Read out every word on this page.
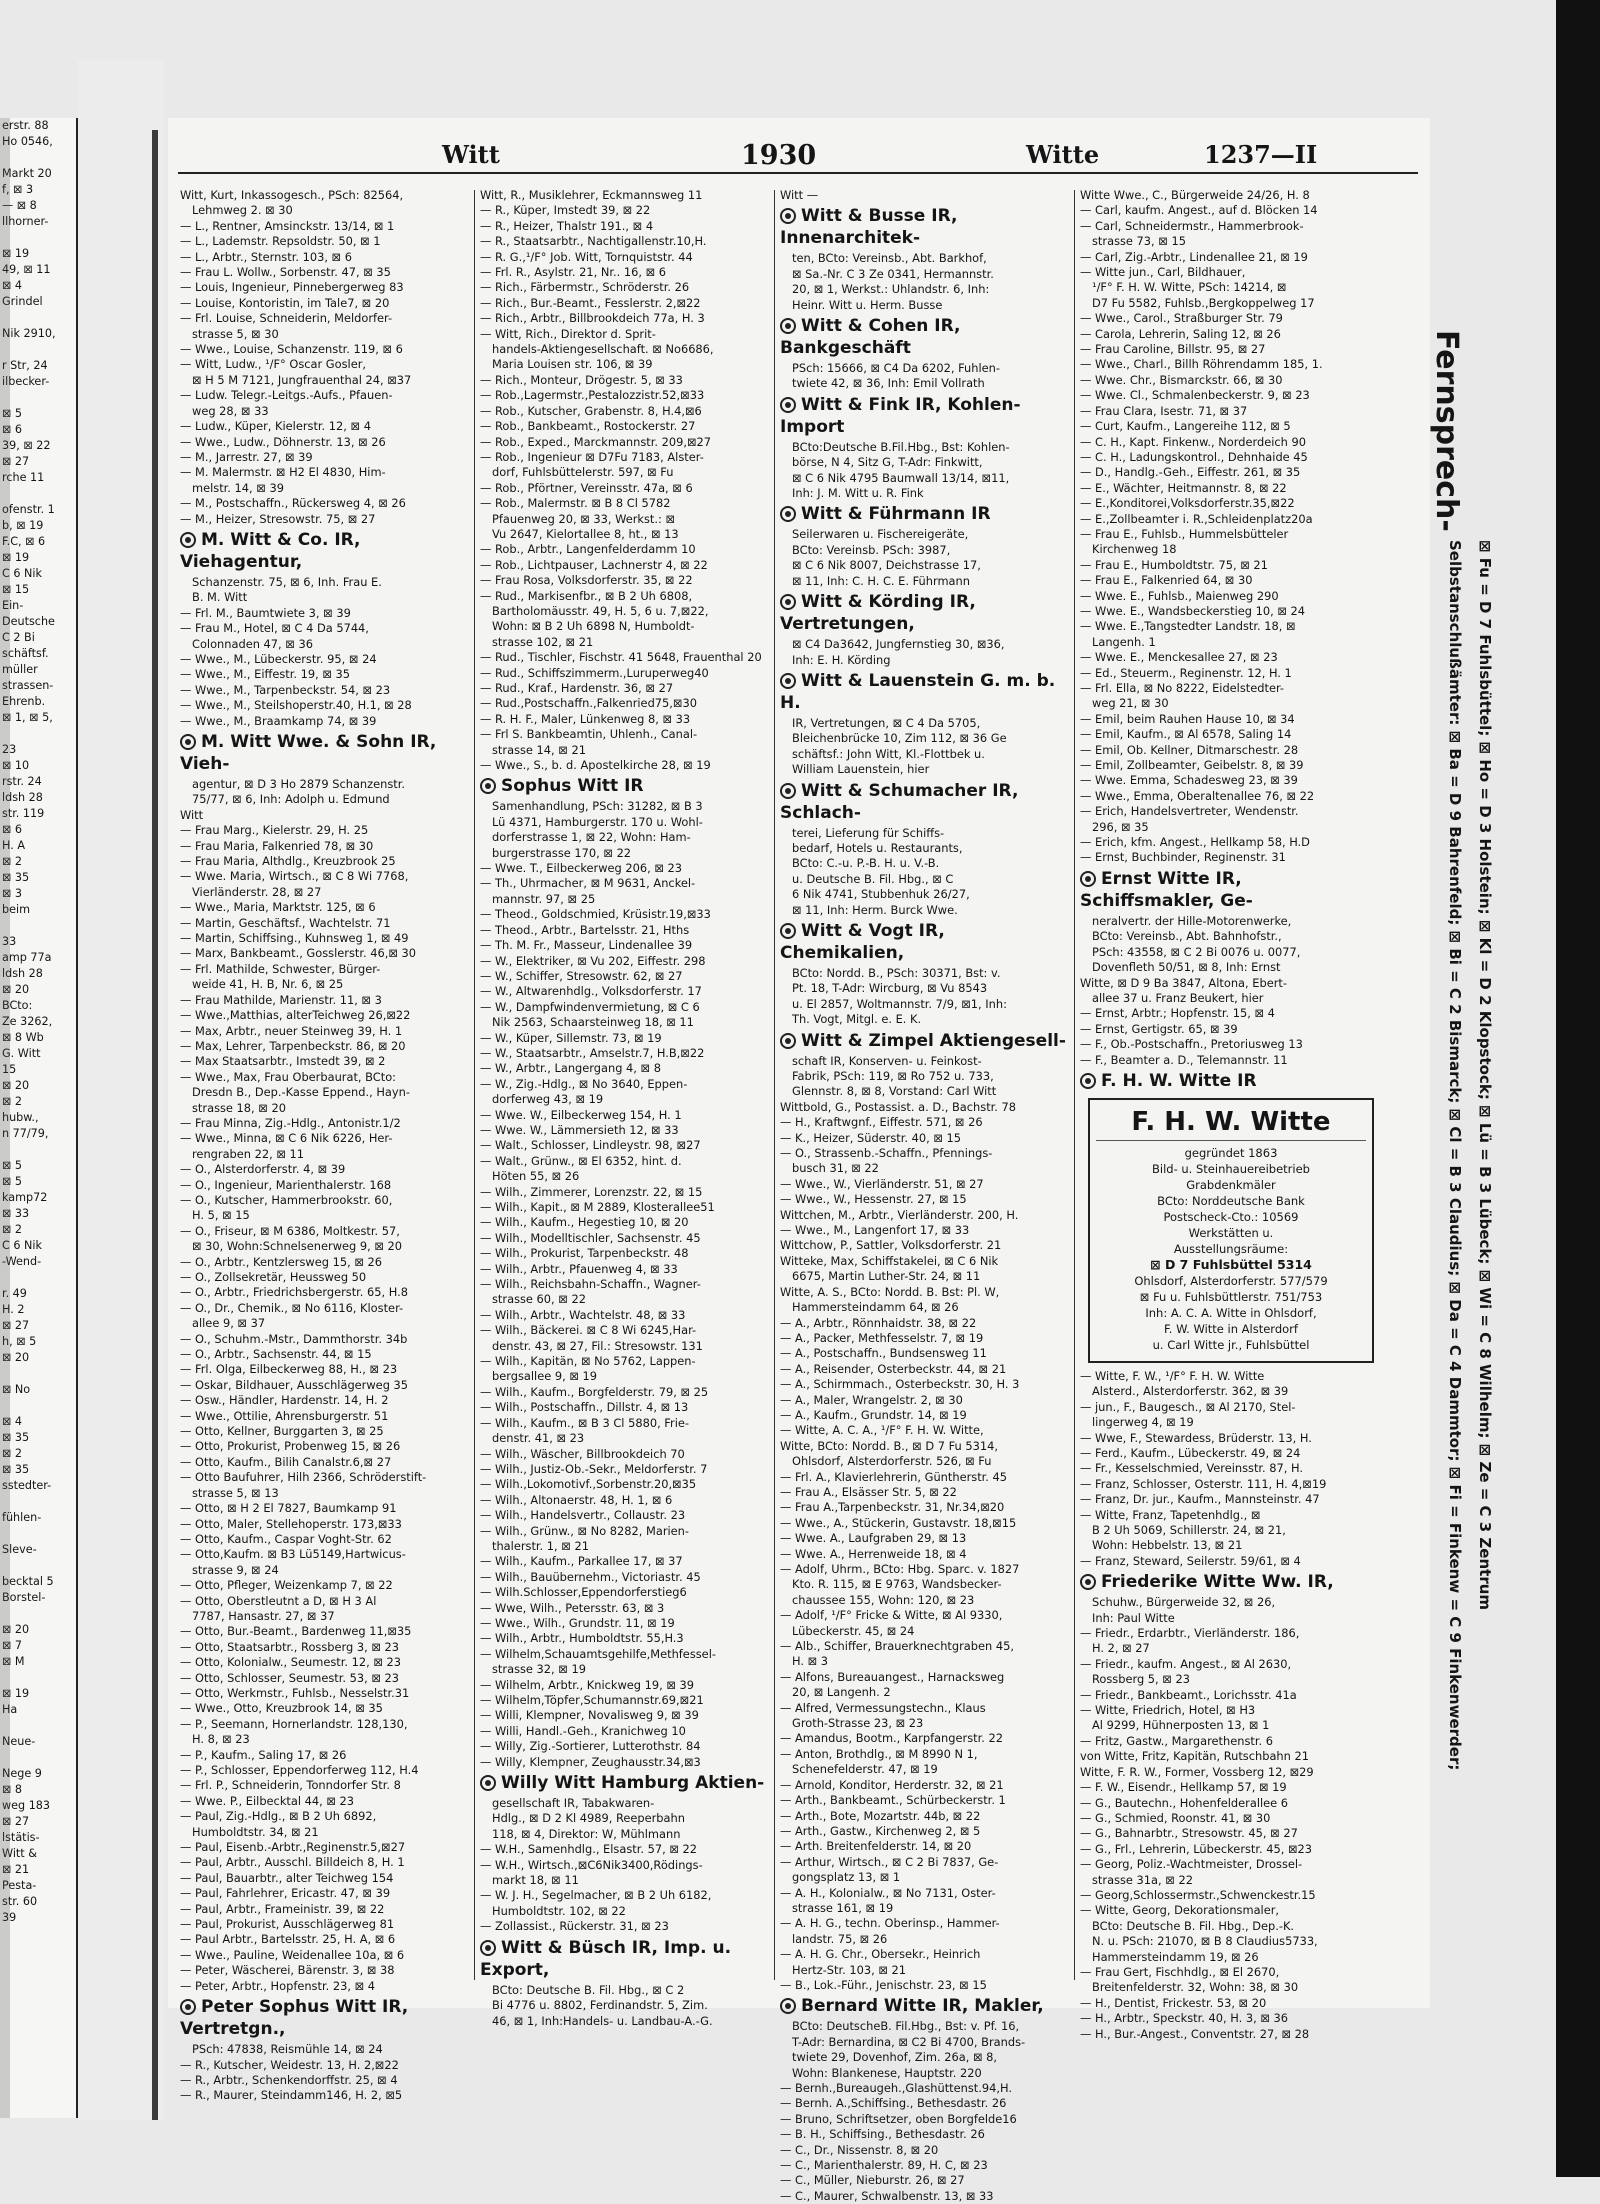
erstr. 88
Ho 0546,

Markt 20
f, ⊠ 3
— ⊠ 8
llhorner-

⊠ 19
49, ⊠ 11
⊠ 4
Grindel

Nik 2910,

r Str, 24
ilbecker-

⊠ 5
⊠ 6
39, ⊠ 22
⊠ 27
rche 11

ofenstr. 1
b, ⊠ 19
F.C, ⊠ 6
⊠ 19
C 6 Nik
⊠ 15
Ein-
Deutsche
C 2 Bi
schäftsf.
müller
strassen-
Ehrenb.
⊠ 1, ⊠ 5,

23
⊠ 10
rstr. 24
ldsh 28
str. 119
⊠ 6
H. A
⊠ 2
⊠ 35
⊠ 3
beim

33
amp 77a
ldsh 28
⊠ 20
BCto:
Ze 3262,
⊠ 8 Wb
G. Witt
15
⊠ 20
⊠ 2
hubw.,
n 77/79,

⊠ 5
⊠ 5
kamp72
⊠ 33
⊠ 2
C 6 Nik
-Wend-

r. 49
H. 2
⊠ 27
h, ⊠ 5
⊠ 20

⊠ No

⊠ 4
⊠ 35
⊠ 2
⊠ 35
sstedter-

fühlen-

Sleve-

becktal 5
Borstel-

⊠ 20
⊠ 7
⊠ M

⊠ 19
Ha

Neue-

Nege 9
⊠ 8
weg 183
⊠ 27
lstätis-
Witt &
⊠ 21
Pesta-
str. 60
39
Witt	1930	Witte	1237—II
Witt, Kurt, Inkassogesch., PSch: 82564,
Lehmweg 2. ⊠ 30
— L., Rentner, Amsinckstr. 13/14, ⊠ 1
— L., Lademstr. Repsoldstr. 50, ⊠ 1
— L., Arbtr., Sternstr. 103, ⊠ 6
— Frau L. Wollw., Sorbenstr. 47, ⊠ 35
— Louis, Ingenieur, Pinnebergerweg 83
— Louise, Kontoristin, im Tale7, ⊠ 20
— Frl. Louise, Schneiderin, Meldorfer-
strasse 5, ⊠ 30
— Wwe., Louise, Schanzenstr. 119, ⊠ 6
— Witt, Ludw., ¹/F° Oscar Gosler,
⊠ H 5 M 7121, Jungfrauenthal 24, ⊠37
— Ludw. Telegr.-Leitgs.-Aufs., Pfauen-
weg 28, ⊠ 33
— Ludw., Küper, Kielerstr. 12, ⊠ 4
— Wwe., Ludw., Döhnerstr. 13, ⊠ 26
— M., Jarrestr. 27, ⊠ 39
— M. Malermstr. ⊠ H2 El 4830, Him-
melstr. 14, ⊠ 39
— M., Postschaffn., Rückersweg 4, ⊠ 26
— M., Heizer, Stresowstr. 75, ⊠ 27
M. Witt & Co. IR, Viehagentur,
Schanzenstr. 75, ⊠ 6, Inh. Frau E.
B. M. Witt
— Frl. M., Baumtwiete 3, ⊠ 39
— Frau M., Hotel, ⊠ C 4 Da 5744,
Colonnaden 47, ⊠ 36
— Wwe., M., Lübeckerstr. 95, ⊠ 24
— Wwe., M., Eiffestr. 19, ⊠ 35
— Wwe., M., Tarpenbeckstr. 54, ⊠ 23
— Wwe., M., Steilshoperstr.40, H.1, ⊠ 28
— Wwe., M., Braamkamp 74, ⊠ 39
M. Witt Wwe. & Sohn IR, Vieh-
agentur, ⊠ D 3 Ho 2879 Schanzenstr.
75/77, ⊠ 6, Inh: Adolph u. Edmund
Witt
— Frau Marg., Kielerstr. 29, H. 25
— Frau Maria, Falkenried 78, ⊠ 30
— Frau Maria, Althdlg., Kreuzbrook 25
— Wwe. Maria, Wirtsch., ⊠ C 8 Wi 7768,
Vierländerstr. 28, ⊠ 27
— Wwe., Maria, Marktstr. 125, ⊠ 6
— Martin, Geschäftsf., Wachtelstr. 71
— Martin, Schiffsing., Kuhnsweg 1, ⊠ 49
— Marx, Bankbeamt., Gosslerstr. 46,⊠ 30
— Frl. Mathilde, Schwester, Bürger-
weide 41, H. B, Nr. 6, ⊠ 25
— Frau Mathilde, Marienstr. 11, ⊠ 3
— Wwe.,Matthias, alterTeichweg 26,⊠22
— Max, Arbtr., neuer Steinweg 39, H. 1
— Max, Lehrer, Tarpenbeckstr. 86, ⊠ 20
— Max Staatsarbtr., Imstedt 39, ⊠ 2
— Wwe., Max, Frau Oberbaurat, BCto:
Dresdn B., Dep.-Kasse Eppend., Hayn-
strasse 18, ⊠ 20
— Frau Minna, Zig.-Hdlg., Antonistr.1/2
— Wwe., Minna, ⊠ C 6 Nik 6226, Her-
rengraben 22, ⊠ 11
— O., Alsterdorferstr. 4, ⊠ 39
— O., Ingenieur, Marienthalerstr. 168
— O., Kutscher, Hammerbrookstr. 60,
H. 5, ⊠ 15
— O., Friseur, ⊠ M 6386, Moltkestr. 57,
⊠ 30, Wohn:Schnelsenerweg 9, ⊠ 20
— O., Arbtr., Kentzlersweg 15, ⊠ 26
— O., Zollsekretär, Heussweg 50
— O., Arbtr., Friedrichsbergerstr. 65, H.8
— O., Dr., Chemik., ⊠ No 6116, Kloster-
allee 9, ⊠ 37
— O., Schuhm.-Mstr., Dammthorstr. 34b
— O., Arbtr., Sachsenstr. 44, ⊠ 15
— Frl. Olga, Eilbeckerweg 88, H., ⊠ 23
— Oskar, Bildhauer, Ausschlägerweg 35
— Osw., Händler, Hardenstr. 14, H. 2
— Wwe., Ottilie, Ahrensburgerstr. 51
— Otto, Kellner, Burggarten 3, ⊠ 25
— Otto, Prokurist, Probenweg 15, ⊠ 26
— Otto, Kaufm., Bilih Canalstr.6,⊠ 27
— Otto Baufuhrer, Hilh 2366, Schröderstift-
strasse 5, ⊠ 13
— Otto, ⊠ H 2 El 7827, Baumkamp 91
— Otto, Maler, Stellehoperstr. 173,⊠33
— Otto, Kaufm., Caspar Voght-Str. 62
— Otto,Kaufm. ⊠ B3 Lü5149,Hartwicus-
strasse 9, ⊠ 24
— Otto, Pfleger, Weizenkamp 7, ⊠ 22
— Otto, Oberstleutnt a D, ⊠ H 3 Al
7787, Hansastr. 27, ⊠ 37
— Otto, Bur.-Beamt., Bardenweg 11,⊠35
— Otto, Staatsarbtr., Rossberg 3, ⊠ 23
— Otto, Kolonialw., Seumestr. 12, ⊠ 23
— Otto, Schlosser, Seumestr. 53, ⊠ 23
— Otto, Werkmstr., Fuhlsb., Nesselstr.31
— Wwe., Otto, Kreuzbrook 14, ⊠ 35
— P., Seemann, Hornerlandstr. 128,130,
H. 8, ⊠ 23
— P., Kaufm., Saling 17, ⊠ 26
— P., Schlosser, Eppendorferweg 112, H.4
— Frl. P., Schneiderin, Tonndorfer Str. 8
— Wwe. P., Eilbecktal 44, ⊠ 23
— Paul, Zig.-Hdlg., ⊠ B 2 Uh 6892,
Humboldtstr. 34, ⊠ 21
— Paul, Eisenb.-Arbtr.,Reginenstr.5,⊠27
— Paul, Arbtr., Ausschl. Billdeich 8, H. 1
— Paul, Bauarbtr., alter Teichweg 154
— Paul, Fahrlehrer, Ericastr. 47, ⊠ 39
— Paul, Arbtr., Frameinistr. 39, ⊠ 22
— Paul, Prokurist, Ausschlägerweg 81
— Paul Arbtr., Bartelsstr. 25, H. A, ⊠ 6
— Wwe., Pauline, Weidenallee 10a, ⊠ 6
— Peter, Wäscherei, Bärenstr. 3, ⊠ 38
— Peter, Arbtr., Hopfenstr. 23, ⊠ 4
Peter Sophus Witt IR, Vertretgn.,
PSch: 47838, Reismühle 14, ⊠ 24
— R., Kutscher, Weidestr. 13, H. 2,⊠22
— R., Arbtr., Schenkendorffstr. 25, ⊠ 4
— R., Maurer, Steindamm146, H. 2, ⊠5
Witt, R., Musiklehrer, Eckmannsweg 11
— R., Küper, Imstedt 39, ⊠ 22
— R., Heizer, Thalstr 191., ⊠ 4
— R., Staatsarbtr., Nachtigallenstr.10,H.
— R. G.,¹/F° Job. Witt, Tornquiststr. 44
— Frl. R., Asylstr. 21, Nr.. 16, ⊠ 6
— Rich., Färbermstr., Schröderstr. 26
— Rich., Bur.-Beamt., Fesslerstr. 2,⊠22
— Rich., Arbtr., Billbrookdeich 77a, H. 3
— Witt, Rich., Direktor d. Sprit-
handels-Aktiengesellschaft. ⊠ No6686,
Maria Louisen str. 106, ⊠ 39
— Rich., Monteur, Drögestr. 5, ⊠ 33
— Rob.,Lagermstr.,Pestalozzistr.52,⊠33
— Rob., Kutscher, Grabenstr. 8, H.4,⊠6
— Rob., Bankbeamt., Rostockerstr. 27
— Rob., Exped., Marckmannstr. 209,⊠27
— Rob., Ingenieur ⊠ D7Fu 7183, Alster-
dorf, Fuhlsbüttelerstr. 597, ⊠ Fu
— Rob., Pförtner, Vereinsstr. 47a, ⊠ 6
— Rob., Malermstr. ⊠ B 8 Cl 5782
Pfauenweg 20, ⊠ 33, Werkst.: ⊠
Vu 2647, Kielortallee 8, ht., ⊠ 13
— Rob., Arbtr., Langenfelderdamm 10
— Rob., Lichtpauser, Lachnerstr 4, ⊠ 22
— Frau Rosa, Volksdorferstr. 35, ⊠ 22
— Rud., Markisenfbr., ⊠ B 2 Uh 6808,
Bartholomäusstr. 49, H. 5, 6 u. 7,⊠22,
Wohn: ⊠ B 2 Uh 6898 N, Humboldt-
strasse 102, ⊠ 21
— Rud., Tischler, Fischstr. 41 5648, Frauenthal 20
— Rud., Schiffszimmerm.,Luruperweg40
— Rud., Kraf., Hardenstr. 36, ⊠ 27
— Rud.,Postschaffn.,Falkenried75,⊠30
— R. H. F., Maler, Lünkenweg 8, ⊠ 33
— Frl S. Bankbeamtin, Uhlenh., Canal-
strasse 14, ⊠ 21
— Wwe., S., b. d. Apostelkirche 28, ⊠ 19
Sophus Witt IR
Samenhandlung, PSch: 31282, ⊠ B 3
Lü 4371, Hamburgerstr. 170 u. Wohl-
dorferstrasse 1, ⊠ 22, Wohn: Ham-
burgerstrasse 170, ⊠ 22
— Wwe. T., Eilbeckerweg 206, ⊠ 23
— Th., Uhrmacher, ⊠ M 9631, Anckel-
mannstr. 97, ⊠ 25
— Theod., Goldschmied, Krüsistr.19,⊠33
— Theod., Arbtr., Bartelsstr. 21, Hths
— Th. M. Fr., Masseur, Lindenallee 39
— W., Elektriker, ⊠ Vu 202, Eiffestr. 298
— W., Schiffer, Stresowstr. 62, ⊠ 27
— W., Altwarenhdlg., Volksdorferstr. 17
— W., Dampfwindenvermietung, ⊠ C 6
Nik 2563, Schaarsteinweg 18, ⊠ 11
— W., Küper, Sillemstr. 73, ⊠ 19
— W., Staatsarbtr., Amselstr.7, H.B,⊠22
— W., Arbtr., Langergang 4, ⊠ 8
— W., Zig.-Hdlg., ⊠ No 3640, Eppen-
dorferweg 43, ⊠ 19
— Wwe. W., Eilbeckerweg 154, H. 1
— Wwe. W., Lämmersieth 12, ⊠ 33
— Walt., Schlosser, Lindleystr. 98, ⊠27
— Walt., Grünw., ⊠ El 6352, hint. d.
Höten 55, ⊠ 26
— Wilh., Zimmerer, Lorenzstr. 22, ⊠ 15
— Wilh., Kapit., ⊠ M 2889, Klosterallee51
— Wilh., Kaufm., Hegestieg 10, ⊠ 20
— Wilh., Modelltischler, Sachsenstr. 45
— Wilh., Prokurist, Tarpenbeckstr. 48
— Wilh., Arbtr., Pfauenweg 4, ⊠ 33
— Wilh., Reichsbahn-Schaffn., Wagner-
strasse 60, ⊠ 22
— Wilh., Arbtr., Wachtelstr. 48, ⊠ 33
— Wilh., Bäckerei. ⊠ C 8 Wi 6245,Har-
denstr. 43, ⊠ 27, Fil.: Stresowstr. 131
— Wilh., Kapitän, ⊠ No 5762, Lappen-
bergsallee 9, ⊠ 19
— Wilh., Kaufm., Borgfelderstr. 79, ⊠ 25
— Wilh., Postschaffn., Dillstr. 4, ⊠ 13
— Wilh., Kaufm., ⊠ B 3 Cl 5880, Frie-
denstr. 41, ⊠ 23
— Wilh., Wäscher, Billbrookdeich 70
— Wilh., Justiz-Ob.-Sekr., Meldorferstr. 7
— Wilh.,Lokomotivf.,Sorbenstr.20,⊠35
— Wilh., Altonaerstr. 48, H. 1, ⊠ 6
— Wilh., Handelsvertr., Collaustr. 23
— Wilh., Grünw., ⊠ No 8282, Marien-
thalerstr. 1, ⊠ 21
— Wilh., Kaufm., Parkallee 17, ⊠ 37
— Wilh., Bauübernehm., Victoriastr. 45
— Wilh.Schlosser,Eppendorferstieg6
— Wwe, Wilh., Petersstr. 63, ⊠ 3
— Wwe., Wilh., Grundstr. 11, ⊠ 19
— Wilh., Arbtr., Humboldtstr. 55,H.3
— Wilhelm,Schauamtsgehilfe,Methfessel-
strasse 32, ⊠ 19
— Wilhelm, Arbtr., Knickweg 19, ⊠ 39
— Wilhelm,Töpfer,Schumannstr.69,⊠21
— Willi, Klempner, Novalisweg 9, ⊠ 39
— Willi, Handl.-Geh., Kranichweg 10
— Willy, Zig.-Sortierer, Lutterothstr. 84
— Willy, Klempner, Zeughausstr.34,⊠3
Willy Witt Hamburg Aktien-
gesellschaft IR, Tabakwaren-
Hdlg., ⊠ D 2 Kl 4989, Reeperbahn
118, ⊠ 4, Direktor: W, Mühlmann
— W.H., Samenhdlg., Elsastr. 57, ⊠ 22
— W.H., Wirtsch.,⊠C6Nik3400,Rödings-
markt 18, ⊠ 11
— W. J. H., Segelmacher, ⊠ B 2 Uh 6182,
Humboldtstr. 102, ⊠ 22
— Zollassist., Rückerstr. 31, ⊠ 23
Witt & Büsch IR, Imp. u. Export,
BCto: Deutsche B. Fil. Hbg., ⊠ C 2
Bi 4776 u. 8802, Ferdinandstr. 5, Zim.
46, ⊠ 1, Inh:Handels- u. Landbau-A.-G.
Witt —
Witt & Busse IR, Innenarchitek-
ten, BCto: Vereinsb., Abt. Barkhof,
⊠ Sa.-Nr. C 3 Ze 0341, Hermannstr.
20, ⊠ 1, Werkst.: Uhlandstr. 6, Inh:
Heinr. Witt u. Herm. Busse
Witt & Cohen IR, Bankgeschäft
PSch: 15666, ⊠ C4 Da 6202, Fuhlen-
twiete 42, ⊠ 36, Inh: Emil Vollrath
Witt & Fink IR, Kohlen-Import
BCto:Deutsche B.Fil.Hbg., Bst: Kohlen-
börse, N 4, Sitz G, T-Adr: Finkwitt,
⊠ C 6 Nik 4795 Baumwall 13/14, ⊠11,
Inh: J. M. Witt u. R. Fink
Witt & Führmann IR
Seilerwaren u. Fischereigeräte,
BCto: Vereinsb. PSch: 3987,
⊠ C 6 Nik 8007, Deichstrasse 17,
⊠ 11, Inh: C. H. C. E. Führmann
Witt & Körding IR, Vertretungen,
⊠ C4 Da3642, Jungfernstieg 30, ⊠36,
Inh: E. H. Körding
Witt & Lauenstein G. m. b. H.
IR, Vertretungen, ⊠ C 4 Da 5705,
Bleichenbrücke 10, Zim 112, ⊠ 36 Ge
schäftsf.: John Witt, Kl.-Flottbek u.
William Lauenstein, hier
Witt & Schumacher IR, Schlach-
terei, Lieferung für Schiffs-
bedarf, Hotels u. Restaurants,
BCto: C.-u. P.-B. H. u. V.-B.
u. Deutsche B. Fil. Hbg., ⊠ C
6 Nik 4741, Stubbenhuk 26/27,
⊠ 11, Inh: Herm. Burck Wwe.
Witt & Vogt IR, Chemikalien,
BCto: Nordd. B., PSch: 30371, Bst: v.
Pt. 18, T-Adr: Wircburg, ⊠ Vu 8543
u. El 2857, Woltmannstr. 7/9, ⊠1, Inh:
Th. Vogt, Mitgl. e. E. K.
Witt & Zimpel Aktiengesell-
schaft IR, Konserven- u. Feinkost-
Fabrik, PSch: 119, ⊠ Ro 752 u. 733,
Glennstr. 8, ⊠ 8, Vorstand: Carl Witt
Wittbold, G., Postassist. a. D., Bachstr. 78
— H., Kraftwgnf., Eiffestr. 571, ⊠ 26
— K., Heizer, Süderstr. 40, ⊠ 15
— O., Strassenb.-Schaffn., Pfennings-
busch 31, ⊠ 22
— Wwe., W., Vierländerstr. 51, ⊠ 27
— Wwe., W., Hessenstr. 27, ⊠ 15
Wittchen, M., Arbtr., Vierländerstr. 200, H.
— Wwe., M., Langenfort 17, ⊠ 33
Wittchow, P., Sattler, Volksdorferstr. 21
Witteke, Max, Schiffstakelei, ⊠ C 6 Nik
6675, Martin Luther-Str. 24, ⊠ 11
Witte, A. S., BCto: Nordd. B. Bst: Pl. W,
Hammersteindamm 64, ⊠ 26
— A., Arbtr., Rönnhaidstr. 38, ⊠ 22
— A., Packer, Methfesselstr. 7, ⊠ 19
— A., Postschaffn., Bundsensweg 11
— A., Reisender, Osterbeckstr. 44, ⊠ 21
— A., Schirmmach., Osterbeckstr. 30, H. 3
— A., Maler, Wrangelstr. 2, ⊠ 30
— A., Kaufm., Grundstr. 14, ⊠ 19
— Witte, A. C. A., ¹/F° F. H. W. Witte,
Witte, BCto: Nordd. B., ⊠ D 7 Fu 5314,
Ohlsdorf, Alsterdorferstr. 526, ⊠ Fu
— Frl. A., Klavierlehrerin, Güntherstr. 45
— Frau A., Elsässer Str. 5, ⊠ 22
— Frau A.,Tarpenbeckstr. 31, Nr.34,⊠20
— Wwe., A., Stückerin, Gustavstr. 18,⊠15
— Wwe. A., Laufgraben 29, ⊠ 13
— Wwe. A., Herrenweide 18, ⊠ 4
— Adolf, Uhrm., BCto: Hbg. Sparc. v. 1827
Kto. R. 115, ⊠ E 9763, Wandsbecker-
chaussee 155, Wohn: 120, ⊠ 23
— Adolf, ¹/F° Fricke & Witte, ⊠ Al 9330,
Lübeckerstr. 45, ⊠ 24
— Alb., Schiffer, Brauerknechtgraben 45,
H. ⊠ 3
— Alfons, Bureauangest., Harnacksweg
20, ⊠ Langenh. 2
— Alfred, Vermessungstechn., Klaus
Groth-Strasse 23, ⊠ 23
— Amandus, Bootm., Karpfangerstr. 22
— Anton, Brothdlg., ⊠ M 8990 N 1,
Schenefelderstr. 47, ⊠ 19
— Arnold, Konditor, Herderstr. 32, ⊠ 21
— Arth., Bankbeamt., Schürbeckerstr. 1
— Arth., Bote, Mozartstr. 44b, ⊠ 22
— Arth., Gastw., Kirchenweg 2, ⊠ 5
— Arth. Breitenfelderstr. 14, ⊠ 20
— Arthur, Wirtsch., ⊠ C 2 Bi 7837, Ge-
gongsplatz 13, ⊠ 1
— A. H., Kolonialw., ⊠ No 7131, Oster-
strasse 161, ⊠ 19
— A. H. G., techn. Oberinsp., Hammer-
landstr. 75, ⊠ 26
— A. H. G. Chr., Obersekr., Heinrich
Hertz-Str. 103, ⊠ 21
— B., Lok.-Führ., Jenischstr. 23, ⊠ 15
Bernard Witte IR, Makler,
BCto: DeutscheB. Fil.Hbg., Bst: v. Pf. 16,
T-Adr: Bernardina, ⊠ C2 Bi 4700, Brands-
twiete 29, Dovenhof, Zim. 26a, ⊠ 8,
Wohn: Blankenese, Hauptstr. 220
— Bernh.,Bureaugeh.,Glashüttenst.94,H.
— Bernh. A.,Schiffsing., Bethesdastr. 26
— Bruno, Schriftsetzer, oben Borgfelde16
— B. H., Schiffsing., Bethesdastr. 26
— C., Dr., Nissenstr. 8, ⊠ 20
— C., Marienthalerstr. 89, H. C, ⊠ 23
— C., Müller, Nieburstr. 26, ⊠ 27
— C., Maurer, Schwalbenstr. 13, ⊠ 33
Witte Wwe., C., Bürgerweide 24/26, H. 8
— Carl, kaufm. Angest., auf d. Blöcken 14
— Carl, Schneidermstr., Hammerbrook-
strasse 73, ⊠ 15
— Carl, Zig.-Arbtr., Lindenallee 21, ⊠ 19
— Witte jun., Carl, Bildhauer,
¹/F° F. H. W. Witte, PSch: 14214, ⊠
D7 Fu 5582, Fuhlsb.,Bergkoppelweg 17
— Wwe., Carol., Straßburger Str. 79
— Carola, Lehrerin, Saling 12, ⊠ 26
— Frau Caroline, Billstr. 95, ⊠ 27
— Wwe., Charl., Billh Röhrendamm 185, 1.
— Wwe. Chr., Bismarckstr. 66, ⊠ 30
— Wwe. Cl., Schmalenbeckerstr. 9, ⊠ 23
— Frau Clara, Isestr. 71, ⊠ 37
— Curt, Kaufm., Langereihe 112, ⊠ 5
— C. H., Kapt. Finkenw., Norderdeich 90
— C. H., Ladungskontrol., Dehnhaide 45
— D., Handlg.-Geh., Eiffestr. 261, ⊠ 35
— E., Wächter, Heitmannstr. 8, ⊠ 22
— E.,Konditorei,Volksdorferstr.35,⊠22
— E.,Zollbeamter i. R.,Schleidenplatz20a
— Frau E., Fuhlsb., Hummelsbütteler
Kirchenweg 18
— Frau E., Humboldtstr. 75, ⊠ 21
— Frau E., Falkenried 64, ⊠ 30
— Wwe. E., Fuhlsb., Maienweg 290
— Wwe. E., Wandsbeckerstieg 10, ⊠ 24
— Wwe. E.,Tangstedter Landstr. 18, ⊠
Langenh. 1
— Wwe. E., Menckesallee 27, ⊠ 23
— Ed., Steuerm., Reginenstr. 12, H. 1
— Frl. Ella, ⊠ No 8222, Eidelstedter-
weg 21, ⊠ 30
— Emil, beim Rauhen Hause 10, ⊠ 34
— Emil, Kaufm., ⊠ Al 6578, Saling 14
— Emil, Ob. Kellner, Ditmarschestr. 28
— Emil, Zollbeamter, Geibelstr. 8, ⊠ 39
— Wwe. Emma, Schadesweg 23, ⊠ 39
— Wwe., Emma, Oberaltenallee 76, ⊠ 22
— Erich, Handelsvertreter, Wendenstr.
296, ⊠ 35
— Erich, kfm. Angest., Hellkamp 58, H.D
— Ernst, Buchbinder, Reginenstr. 31
Ernst Witte IR, Schiffsmakler, Ge-
neralvertr. der Hille-Motorenwerke,
BCto: Vereinsb., Abt. Bahnhofstr.,
PSch: 43558, ⊠ C 2 Bi 0076 u. 0077,
Dovenfleth 50/51, ⊠ 8, Inh: Ernst
Witte, ⊠ D 9 Ba 3847, Altona, Ebert-
allee 37 u. Franz Beukert, hier
— Ernst, Arbtr.; Hopfenstr. 15, ⊠ 4
— Ernst, Gertigstr. 65, ⊠ 39
— F., Ob.-Postschaffn., Pretoriusweg 13
— F., Beamter a. D., Telemannstr. 11
F. H. W. Witte IR
F. H. W. Witte
gegründet 1863
Bild- u. Steinhauereibetrieb
Grabdenkmäler
BCto: Norddeutsche Bank
Postscheck-Cto.: 10569
Werkstätten u.
Ausstellungsräume:
⊠ D 7 Fuhlsbüttel 5314
Ohlsdorf, Alsterdorferstr. 577/579
⊠ Fu u. Fuhlsbüttlerstr. 751/753
Inh: A. C. A. Witte in Ohlsdorf,
F. W. Witte in Alsterdorf
u. Carl Witte jr., Fuhlsbüttel
— Witte, F. W., ¹/F° F. H. W. Witte
Alsterd., Alsterdorferstr. 362, ⊠ 39
— jun., F., Baugesch., ⊠ Al 2170, Stel-
lingerweg 4, ⊠ 19
— Wwe, F., Stewardess, Brüderstr. 13, H.
— Ferd., Kaufm., Lübeckerstr. 49, ⊠ 24
— Fr., Kesselschmied, Vereinsstr. 87, H.
— Franz, Schlosser, Osterstr. 111, H. 4,⊠19
— Franz, Dr. jur., Kaufm., Mannsteinstr. 47
— Witte, Franz, Tapetenhdlg., ⊠
B 2 Uh 5069, Schillerstr. 24, ⊠ 21,
Wohn: Hebbelstr. 13, ⊠ 21
— Franz, Steward, Seilerstr. 59/61, ⊠ 4
Friederike Witte Ww. IR,
Schuhw., Bürgerweide 32, ⊠ 26,
Inh: Paul Witte
— Friedr., Erdarbtr., Vierländerstr. 186,
H. 2, ⊠ 27
— Friedr., kaufm. Angest., ⊠ Al 2630,
Rossberg 5, ⊠ 23
— Friedr., Bankbeamt., Lorichsstr. 41a
— Witte, Friedrich, Hotel, ⊠ H3
Al 9299, Hühnerposten 13, ⊠ 1
— Fritz, Gastw., Margarethenstr. 6
von Witte, Fritz, Kapitän, Rutschbahn 21
Witte, F. R. W., Former, Vossberg 12, ⊠29
— F. W., Eisendr., Hellkamp 57, ⊠ 19
— G., Bautechn., Hohenfelderallee 6
— G., Schmied, Roonstr. 41, ⊠ 30
— G., Bahnarbtr., Stresowstr. 45, ⊠ 27
— G., Frl., Lehrerin, Lübeckerstr. 45, ⊠23
— Georg, Poliz.-Wachtmeister, Drossel-
strasse 31a, ⊠ 22
— Georg,Schlossermstr.,Schwenckestr.15
— Witte, Georg, Dekorationsmaler,
BCto: Deutsche B. Fil. Hbg., Dep.-K.
N. u. PSch: 21070, ⊠ B 8 Claudius5733,
Hammersteindamm 19, ⊠ 26
— Frau Gert, Fischhdlg., ⊠ El 2670,
Breitenfelderstr. 32, Wohn: 38, ⊠ 30
— H., Dentist, Frickestr. 53, ⊠ 20
— H., Arbtr., Speckstr. 40, H. 3, ⊠ 36
— H., Bur.-Angest., Conventstr. 27, ⊠ 28
Fernsprech-
Selbstanschlußämter: ⊠ Ba = D 9 Bahrenfeld; ⊠ Bi = C 2 Bismarck; ⊠ Cl = B 3 Claudius; ⊠ Da = C 4 Dammtor; ⊠ Fi = Finkenw = C 9 Finkenwerder; ⊠ Fu = D 7 Fuhlsbüttel; ⊠ Ho = D 3 Holstein; ⊠ Kl = D 2 Klopstock; ⊠ Lü = B 3 Lübeck; ⊠ Wi = C 8 Wilhelm; ⊠ Ze = C 3 Zentrum
